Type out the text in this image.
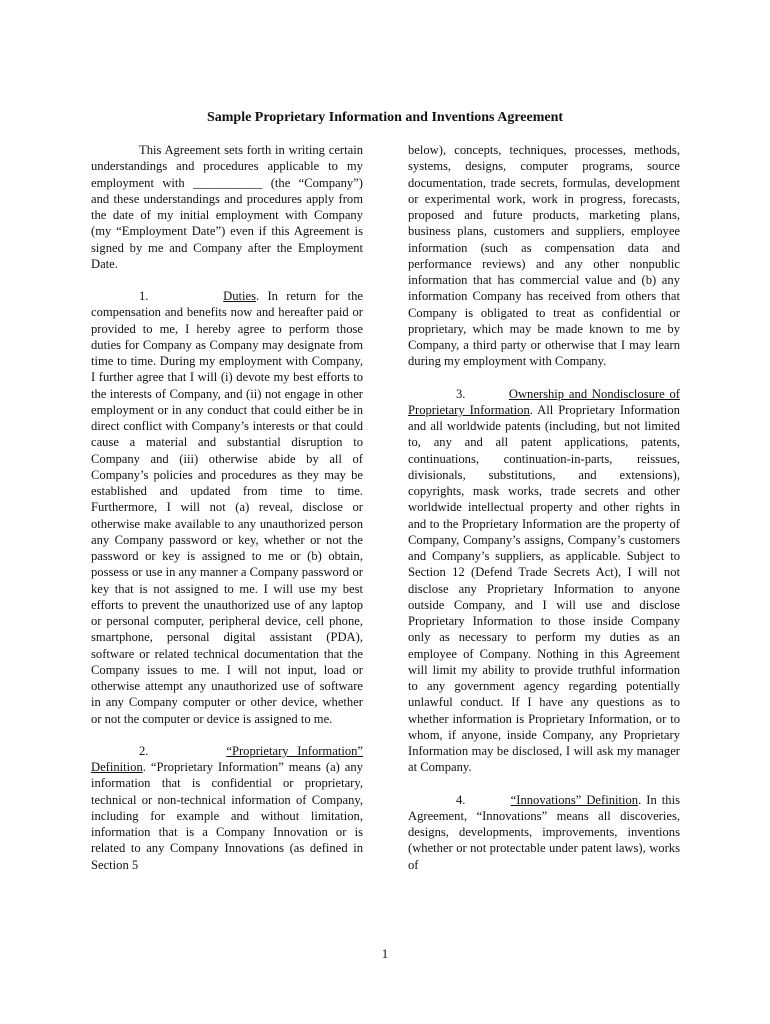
Sample Proprietary Information and Inventions Agreement

This Agreement sets forth in writing certain understandings and procedures applicable to my employment with ___________ (the “Company”) and these understandings and procedures apply from the date of my initial employment with Company (my “Employment Date”) even if this Agreement is signed by me and Company after the Employment Date.

1.	Duties. In return for the compensation and benefits now and hereafter paid or provided to me, I hereby agree to perform those duties for Company as Company may designate from time to time. During my employment with Company, I further agree that I will (i) devote my best efforts to the interests of Company, and (ii) not engage in other employment or in any conduct that could either be in direct conflict with Company’s interests or that could cause a material and substantial disruption to Company and (iii) otherwise abide by all of Company’s policies and procedures as they may be established and updated from time to time. Furthermore, I will not (a) reveal, disclose or otherwise make available to any unauthorized person any Company password or key, whether or not the password or key is assigned to me or (b) obtain, possess or use in any manner a Company password or key that is not assigned to me. I will use my best efforts to prevent the unauthorized use of any laptop or personal computer, peripheral device, cell phone, smartphone, personal digital assistant (PDA), software or related technical documentation that the Company issues to me. I will not input, load or otherwise attempt any unauthorized use of software in any Company computer or other device, whether or not the computer or device is assigned to me.

2.	“Proprietary Information” Definition. “Proprietary Information” means (a) any information that is confidential or proprietary, technical or non-technical information of Company, including for example and without limitation, information that is a Company Innovation or is related to any Company Innovations (as defined in Section 5

below), concepts, techniques, processes, methods, systems, designs, computer programs, source documentation, trade secrets, formulas, development or experimental work, work in progress, forecasts, proposed and future products, marketing plans, business plans, customers and suppliers, employee information (such as compensation data and performance reviews) and any other nonpublic information that has commercial value and (b) any information Company has received from others that Company is obligated to treat as confidential or proprietary, which may be made known to me by Company, a third party or otherwise that I may learn during my employment with Company.

3.	Ownership and Nondisclosure of Proprietary Information. All Proprietary Information and all worldwide patents (including, but not limited to, any and all patent applications, patents, continuations, continuation-in-parts, reissues, divisionals, substitutions, and extensions), copyrights, mask works, trade secrets and other worldwide intellectual property and other rights in and to the Proprietary Information are the property of Company, Company’s assigns, Company’s customers and Company’s suppliers, as applicable. Subject to Section 12 (Defend Trade Secrets Act), I will not disclose any Proprietary Information to anyone outside Company, and I will use and disclose Proprietary Information to those inside Company only as necessary to perform my duties as an employee of Company. Nothing in this Agreement will limit my ability to provide truthful information to any government agency regarding potentially unlawful conduct. If I have any questions as to whether information is Proprietary Information, or to whom, if anyone, inside Company, any Proprietary Information may be disclosed, I will ask my manager at Company.

4.	“Innovations” Definition. In this Agreement, “Innovations” means all discoveries, designs, developments, improvements, inventions (whether or not protectable under patent laws), works of

1
